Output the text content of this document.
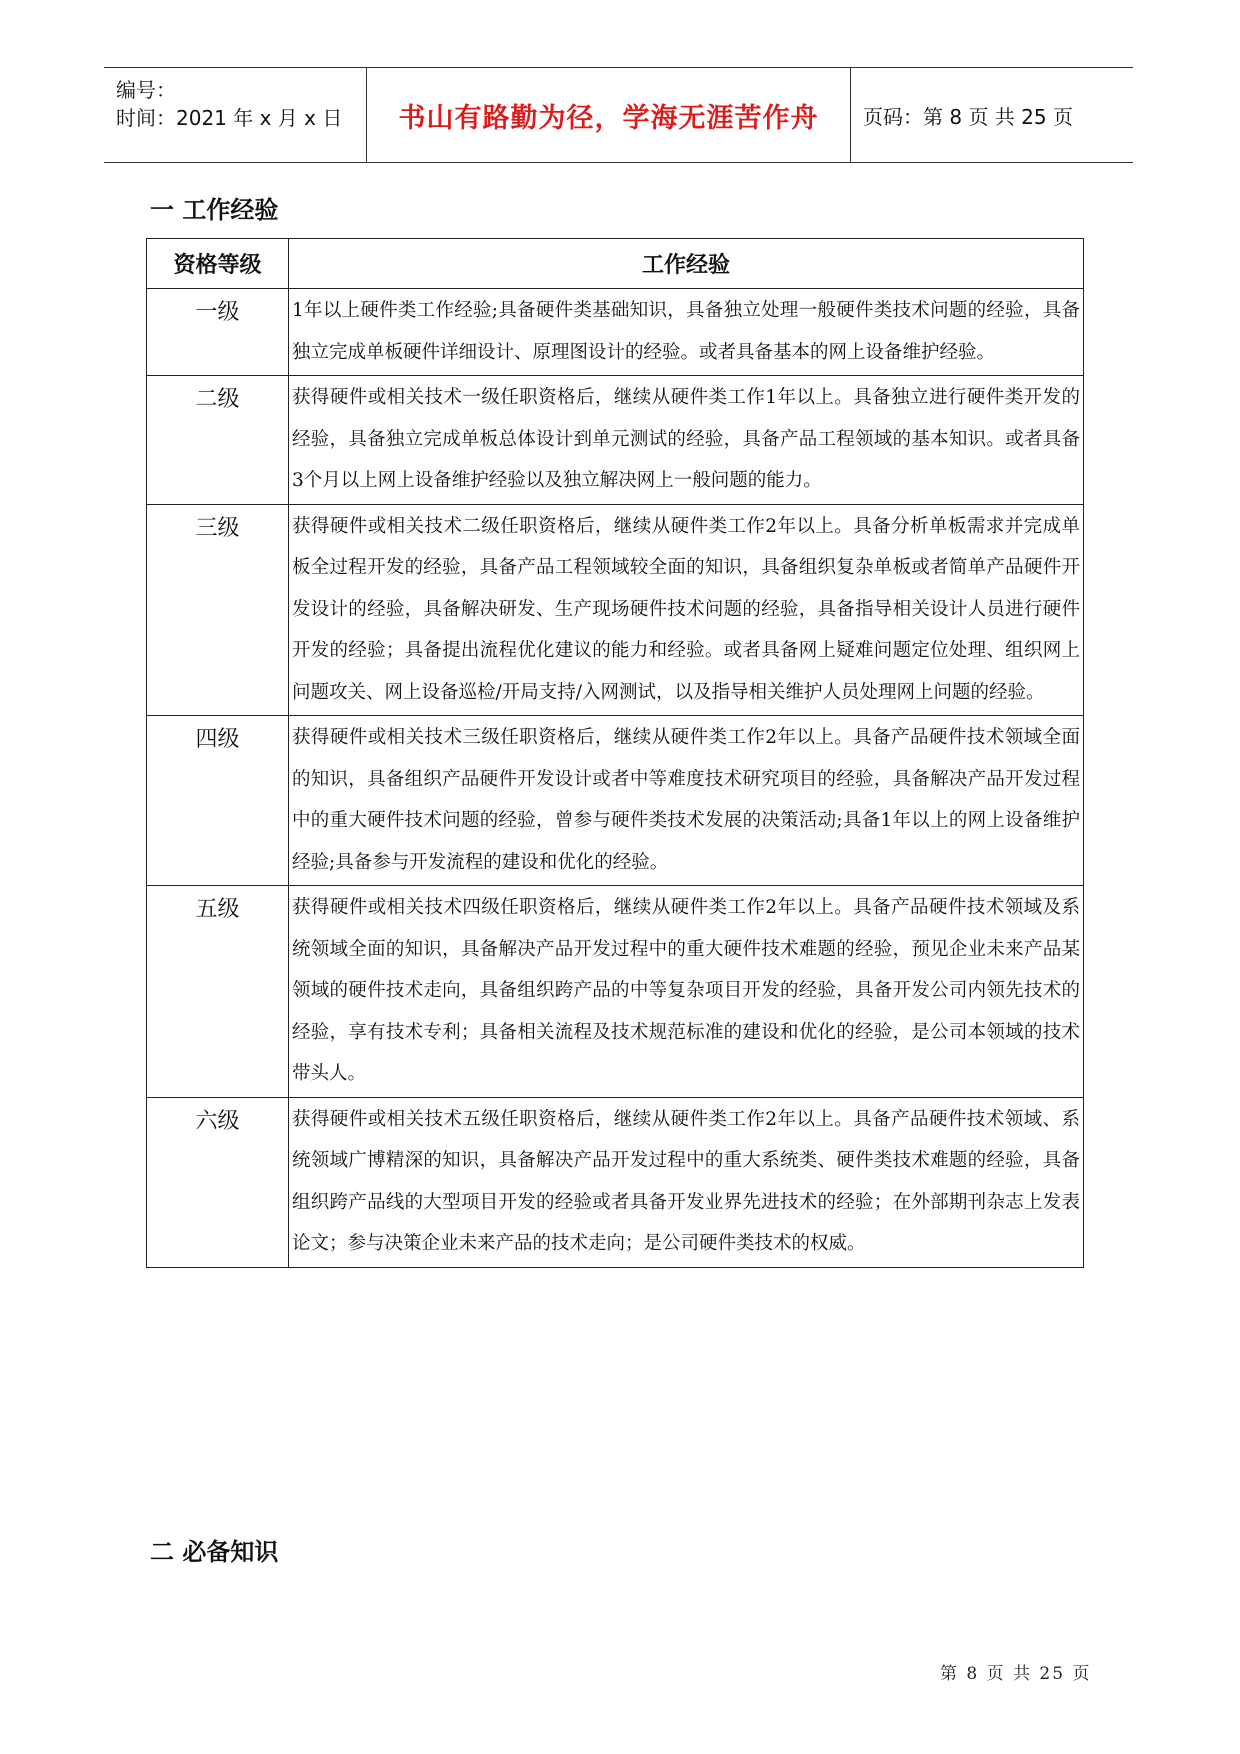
编号：
时间：2021 年 x 月 x 日	书山有路勤为径，学海无涯苦作舟	页码：第 8 页 共 25 页
一 工作经验
资格等级	工作经验
一级	1年以上硬件类工作经验;具备硬件类基础知识，具备独立处理一般硬件类技术问题的经验，具备独立完成单板硬件详细设计、原理图设计的经验。或者具备基本的网上设备维护经验。
二级	获得硬件或相关技术一级任职资格后，继续从硬件类工作1年以上。具备独立进行硬件类开发的经验，具备独立完成单板总体设计到单元测试的经验，具备产品工程领域的基本知识。或者具备3个月以上网上设备维护经验以及独立解决网上一般问题的能力。
三级	获得硬件或相关技术二级任职资格后，继续从硬件类工作2年以上。具备分析单板需求并完成单板全过程开发的经验，具备产品工程领域较全面的知识，具备组织复杂单板或者简单产品硬件开发设计的经验，具备解决研发、生产现场硬件技术问题的经验，具备指导相关设计人员进行硬件开发的经验；具备提出流程优化建议的能力和经验。或者具备网上疑难问题定位处理、组织网上问题攻关、网上设备巡检/开局支持/入网测试，以及指导相关维护人员处理网上问题的经验。
四级	获得硬件或相关技术三级任职资格后，继续从硬件类工作2年以上。具备产品硬件技术领域全面的知识，具备组织产品硬件开发设计或者中等难度技术研究项目的经验，具备解决产品开发过程中的重大硬件技术问题的经验，曾参与硬件类技术发展的决策活动;具备1年以上的网上设备维护经验;具备参与开发流程的建设和优化的经验。
五级	获得硬件或相关技术四级任职资格后，继续从硬件类工作2年以上。具备产品硬件技术领域及系统领域全面的知识，具备解决产品开发过程中的重大硬件技术难题的经验，预见企业未来产品某领域的硬件技术走向，具备组织跨产品的中等复杂项目开发的经验，具备开发公司内领先技术的经验，享有技术专利；具备相关流程及技术规范标准的建设和优化的经验，是公司本领域的技术带头人。
六级	获得硬件或相关技术五级任职资格后，继续从硬件类工作2年以上。具备产品硬件技术领域、系统领域广博精深的知识，具备解决产品开发过程中的重大系统类、硬件类技术难题的经验，具备组织跨产品线的大型项目开发的经验或者具备开发业界先进技术的经验；在外部期刊杂志上发表论文；参与决策企业未来产品的技术走向；是公司硬件类技术的权威。
二 必备知识
第 8 页 共 25 页
